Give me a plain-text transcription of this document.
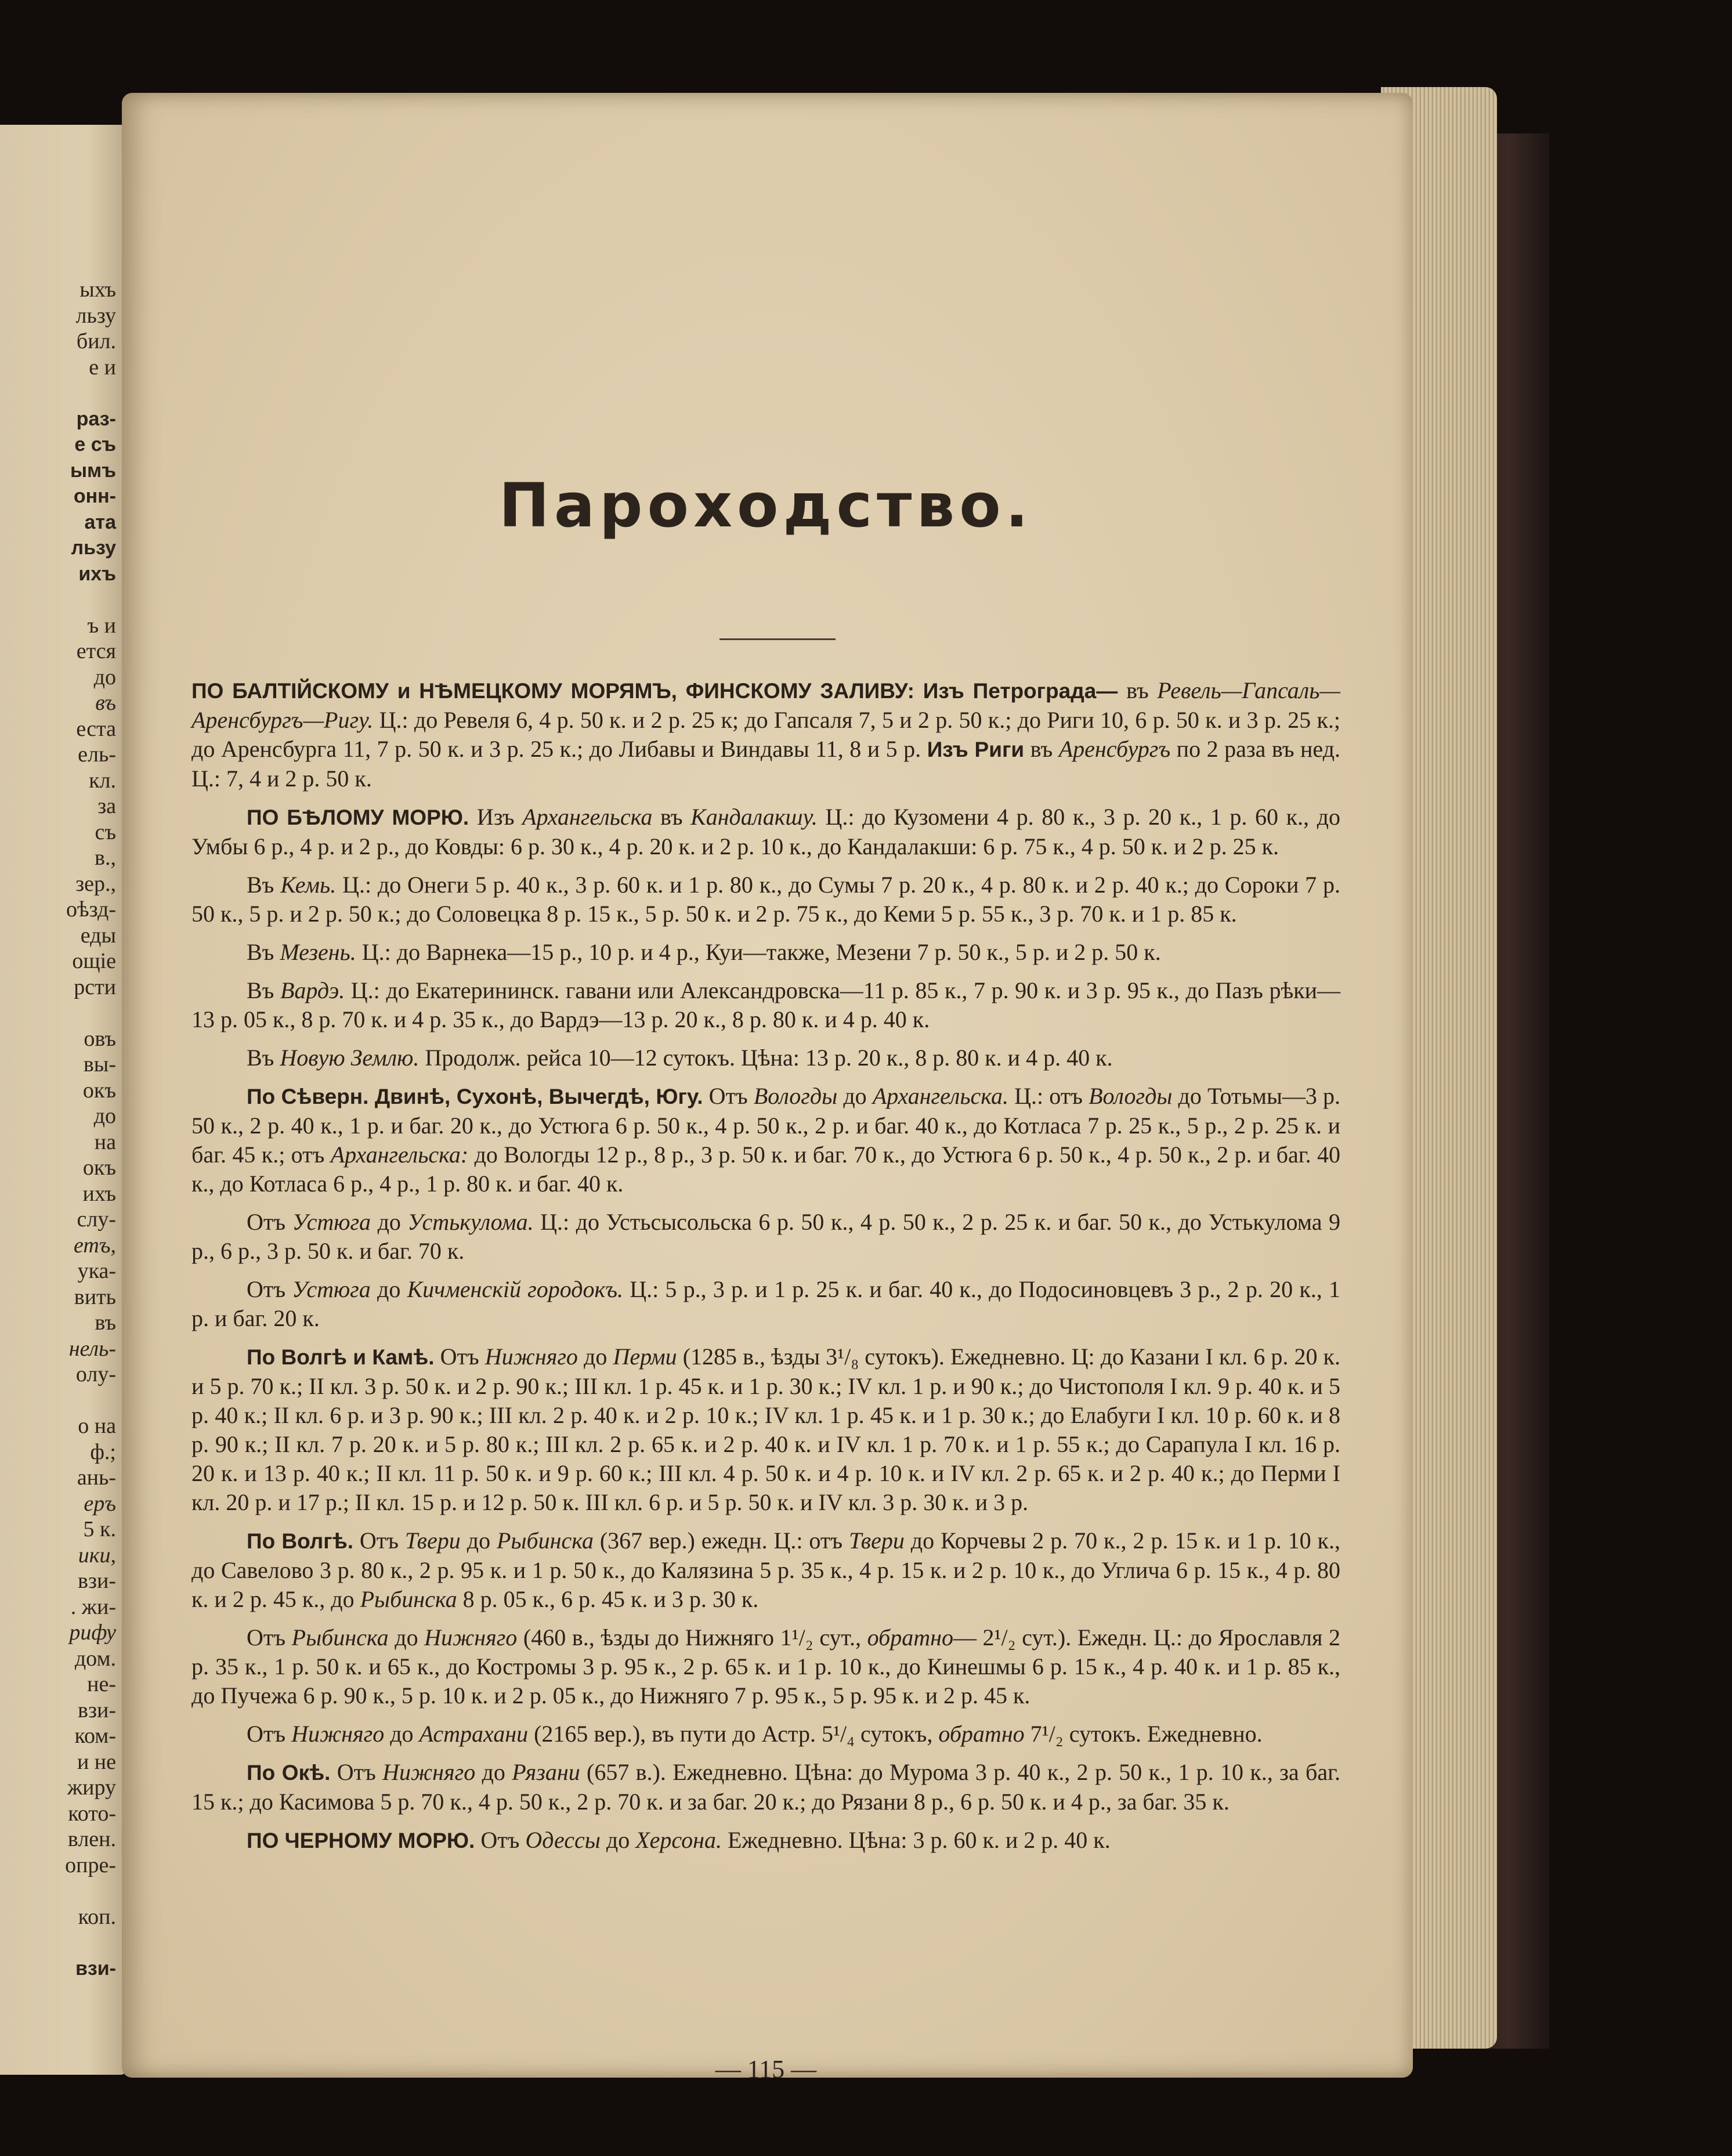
ыхъ
льзу
бил.
е и
раз-
е съ
ымъ
онн-
ата
льзу
ихъ
ъ и
ется
до
въ
еста
ель-
кл.
за
съ
в.,
зер.,
оѣзд-
еды
ощіе
рсти
овъ
вы-
окъ
до
на
окъ
ихъ
слу-
етъ,
ука-
вить
въ
нель-
олу-
о на
ф.;
ань-
еръ
5 к.
ики,
взи-
. жи-
рифу
дом.
не-
взи-
ком-
и не
жиру
кото-
влен.
опре-
коп.
взи-
Пароходство.

ПО БАЛТІЙСКОМУ и НѢМЕЦКОМУ МОРЯМЪ, ФИНСКОМУ ЗАЛИВУ: Изъ Петрограда— въ Ревель—Гапсаль—Аренсбургъ—Ригу. Ц.: до Ревеля 6, 4 р. 50 к. и 2 р. 25 к; до Гапсаля 7, 5 и 2 р. 50 к.; до Риги 10, 6 р. 50 к. и 3 р. 25 к.; до Аренсбурга 11, 7 р. 50 к. и 3 р. 25 к.; до Либавы и Виндавы 11, 8 и 5 р. Изъ Риги въ Аренсбургъ по 2 раза въ нед. Ц.: 7, 4 и 2 р. 50 к.

ПО БѢЛОМУ МОРЮ. Изъ Архангельска въ Кандалакшу. Ц.: до Кузомени 4 р. 80 к., 3 р. 20 к., 1 р. 60 к., до Умбы 6 р., 4 р. и 2 р., до Ковды: 6 р. 30 к., 4 р. 20 к. и 2 р. 10 к., до Кандалакши: 6 р. 75 к., 4 р. 50 к. и 2 р. 25 к.

Въ Кемь. Ц.: до Онеги 5 р. 40 к., 3 р. 60 к. и 1 р. 80 к., до Сумы 7 р. 20 к., 4 р. 80 к. и 2 р. 40 к.; до Сороки 7 р. 50 к., 5 р. и 2 р. 50 к.; до Соловецка 8 р. 15 к., 5 р. 50 к. и 2 р. 75 к., до Кеми 5 р. 55 к., 3 р. 70 к. и 1 р. 85 к.

Въ Мезень. Ц.: до Варнека—15 р., 10 р. и 4 р., Куи—также, Мезени 7 р. 50 к., 5 р. и 2 р. 50 к.

Въ Вардэ. Ц.: до Екатерининск. гавани или Александровска—11 р. 85 к., 7 р. 90 к. и 3 р. 95 к., до Пазъ рѣки—13 р. 05 к., 8 р. 70 к. и 4 р. 35 к., до Вардэ—13 р. 20 к., 8 р. 80 к. и 4 р. 40 к.

Въ Новую Землю. Продолж. рейса 10—12 сутокъ. Цѣна: 13 р. 20 к., 8 р. 80 к. и 4 р. 40 к.

По Сѣверн. Двинѣ, Сухонѣ, Вычегдѣ, Югу. Отъ Вологды до Архангельска. Ц.: отъ Вологды до Тотьмы—3 р. 50 к., 2 р. 40 к., 1 р. и баг. 20 к., до Устюга 6 р. 50 к., 4 р. 50 к., 2 р. и баг. 40 к., до Котласа 7 р. 25 к., 5 р., 2 р. 25 к. и баг. 45 к.; отъ Архангельска: до Вологды 12 р., 8 р., 3 р. 50 к. и баг. 70 к., до Устюга 6 р. 50 к., 4 р. 50 к., 2 р. и баг. 40 к., до Котласа 6 р., 4 р., 1 р. 80 к. и баг. 40 к.

Отъ Устюга до Устькулома. Ц.: до Устьсысольска 6 р. 50 к., 4 р. 50 к., 2 р. 25 к. и баг. 50 к., до Устькулома 9 р., 6 р., 3 р. 50 к. и баг. 70 к.

Отъ Устюга до Кичменскій городокъ. Ц.: 5 р., 3 р. и 1 р. 25 к. и баг. 40 к., до Подосиновцевъ 3 р., 2 р. 20 к., 1 р. и баг. 20 к.

По Волгѣ и Камѣ. Отъ Нижняго до Перми (1285 в., ѣзды 3¹/₈ сутокъ). Ежедневно. Ц: до Казани I кл. 6 р. 20 к. и 5 р. 70 к.; II кл. 3 р. 50 к. и 2 р. 90 к.; III кл. 1 р. 45 к. и 1 р. 30 к.; IV кл. 1 р. и 90 к.; до Чистополя I кл. 9 р. 40 к. и 5 р. 40 к.; II кл. 6 р. и 3 р. 90 к.; III кл. 2 р. 40 к. и 2 р. 10 к.; IV кл. 1 р. 45 к. и 1 р. 30 к.; до Елабуги I кл. 10 р. 60 к. и 8 р. 90 к.; II кл. 7 р. 20 к. и 5 р. 80 к.; III кл. 2 р. 65 к. и 2 р. 40 к. и IV кл. 1 р. 70 к. и 1 р. 55 к.; до Сарапула I кл. 16 р. 20 к. и 13 р. 40 к.; II кл. 11 р. 50 к. и 9 р. 60 к.; III кл. 4 р. 50 к. и 4 р. 10 к. и IV кл. 2 р. 65 к. и 2 р. 40 к.; до Перми I кл. 20 р. и 17 р.; II кл. 15 р. и 12 р. 50 к. III кл. 6 р. и 5 р. 50 к. и IV кл. 3 р. 30 к. и 3 р.

По Волгѣ. Отъ Твери до Рыбинска (367 вер.) ежедн. Ц.: отъ Твери до Корчевы 2 р. 70 к., 2 р. 15 к. и 1 р. 10 к., до Савелово 3 р. 80 к., 2 р. 95 к. и 1 р. 50 к., до Калязина 5 р. 35 к., 4 р. 15 к. и 2 р. 10 к., до Углича 6 р. 15 к., 4 р. 80 к. и 2 р. 45 к., до Рыбинска 8 р. 05 к., 6 р. 45 к. и 3 р. 30 к.

Отъ Рыбинска до Нижняго (460 в., ѣзды до Нижняго 1¹/₂ сут., обратно— 2¹/₂ сут.). Ежедн. Ц.: до Ярославля 2 р. 35 к., 1 р. 50 к. и 65 к., до Костромы 3 р. 95 к., 2 р. 65 к. и 1 р. 10 к., до Кинешмы 6 р. 15 к., 4 р. 40 к. и 1 р. 85 к., до Пучежа 6 р. 90 к., 5 р. 10 к. и 2 р. 05 к., до Нижняго 7 р. 95 к., 5 р. 95 к. и 2 р. 45 к.

Отъ Нижняго до Астрахани (2165 вер.), въ пути до Астр. 5¹/₄ сутокъ, обратно 7¹/₂ сутокъ. Ежедневно.

По Окѣ. Отъ Нижняго до Рязани (657 в.). Ежедневно. Цѣна: до Мурома 3 р. 40 к., 2 р. 50 к., 1 р. 10 к., за баг. 15 к.; до Касимова 5 р. 70 к., 4 р. 50 к., 2 р. 70 к. и за баг. 20 к.; до Рязани 8 р., 6 р. 50 к. и 4 р., за баг. 35 к.

ПО ЧЕРНОМУ МОРЮ. Отъ Одессы до Херсона. Ежедневно. Цѣна: 3 р. 60 к. и 2 р. 40 к.

— 115 —
